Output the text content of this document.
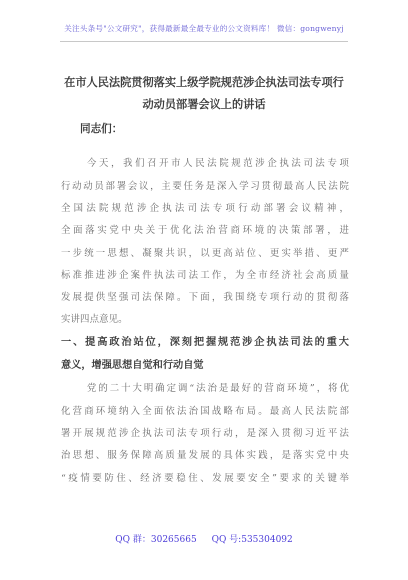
关注头条号"公文研究"，获得最新最全最专业的公文资料库！ 微信：gongwenyj
在市人民法院贯彻落实上级学院规范涉企执法司法专项行
动动员部署会议上的讲话
同志们：
今天，我们召开市人民法院规范涉企执法司法专项
行动动员部署会议，主要任务是深入学习贯彻最高人民法院
全国法院规范涉企执法司法专项行动部署会议精神，
全面落实党中央关于优化法治营商环境的决策部署，进
一步统一思想、凝聚共识，以更高站位、更实举措、更严
标准推进涉企案件执法司法工作，为全市经济社会高质量
发展提供坚强司法保障。下面，我围绕专项行动的贯彻落
实讲四点意见。
一、提高政治站位，深刻把握规范涉企执法司法的重大
意义，增强思想自觉和行动自觉
党的二十大明确定调“法治是最好的营商环境”，将优
化营商环境纳入全面依法治国战略布局。最高人民法院部
署开展规范涉企执法司法专项行动，是深入贯彻习近平法
治思想、服务保障高质量发展的具体实践，是落实党中央
“疫情要防住、经济要稳住、发展要安全”要求的关键举
QQ 群：30265665 QQ 号:535304092
